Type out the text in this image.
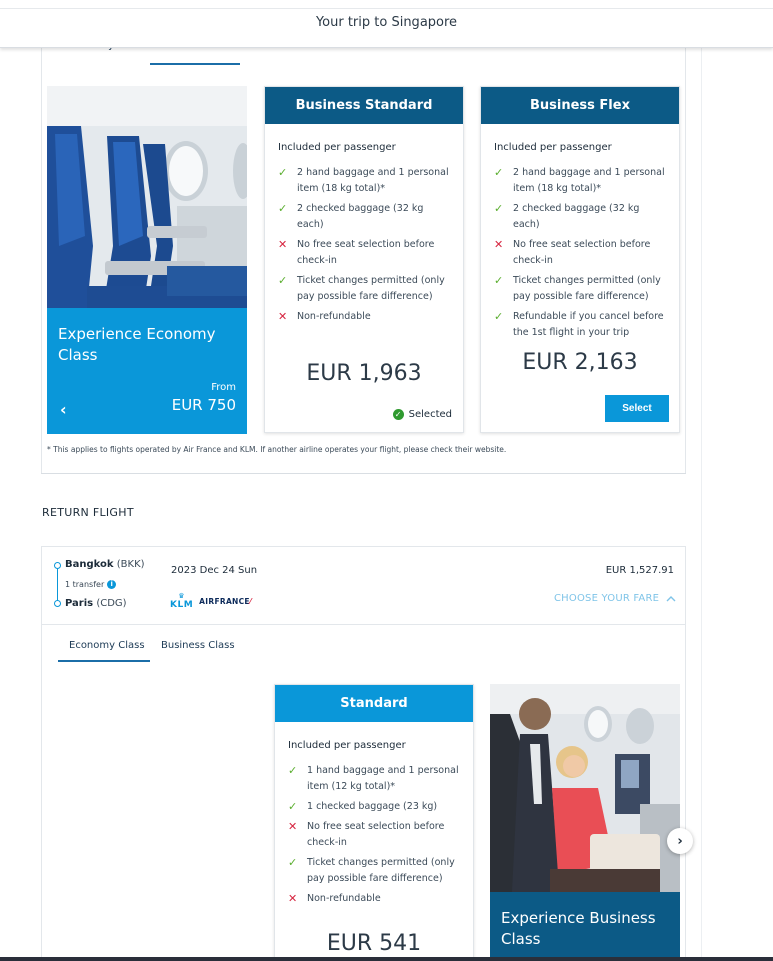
Your trip to Singapore
Experience Economy Class
From
EUR 750
‹
Business Standard
Included per passenger
✓	2 hand baggage and 1 personal item (18 kg total)*
✓	2 checked baggage (32 kg each)
✕	No free seat selection before check-in
✓	Ticket changes permitted (only pay possible fare difference)
✕	Non-refundable
EUR 1,963
✓ Selected
Business Flex
Included per passenger
✓	2 hand baggage and 1 personal item (18 kg total)*
✓	2 checked baggage (32 kg each)
✕	No free seat selection before check-in
✓	Ticket changes permitted (only pay possible fare difference)
✓	Refundable if you cancel before the 1st flight in your trip
EUR 2,163
Select
* This applies to flights operated by Air France and KLM. If another airline operates your flight, please check their website.
RETURN FLIGHT
Bangkok (BKK)
1 transfer i
Paris (CDG)
2023 Dec 24 Sun	EUR 1,527.91
♛
KLM AIRFRANCE⁄	CHOOSE YOUR FARE
Economy Class Business Class
Standard
Included per passenger
✓	1 hand baggage and 1 personal item (12 kg total)*
✓	1 checked baggage (23 kg)
✕	No free seat selection before check-in
✓	Ticket changes permitted (only pay possible fare difference)
✕	Non-refundable
EUR 541
Experience Business Class
›
